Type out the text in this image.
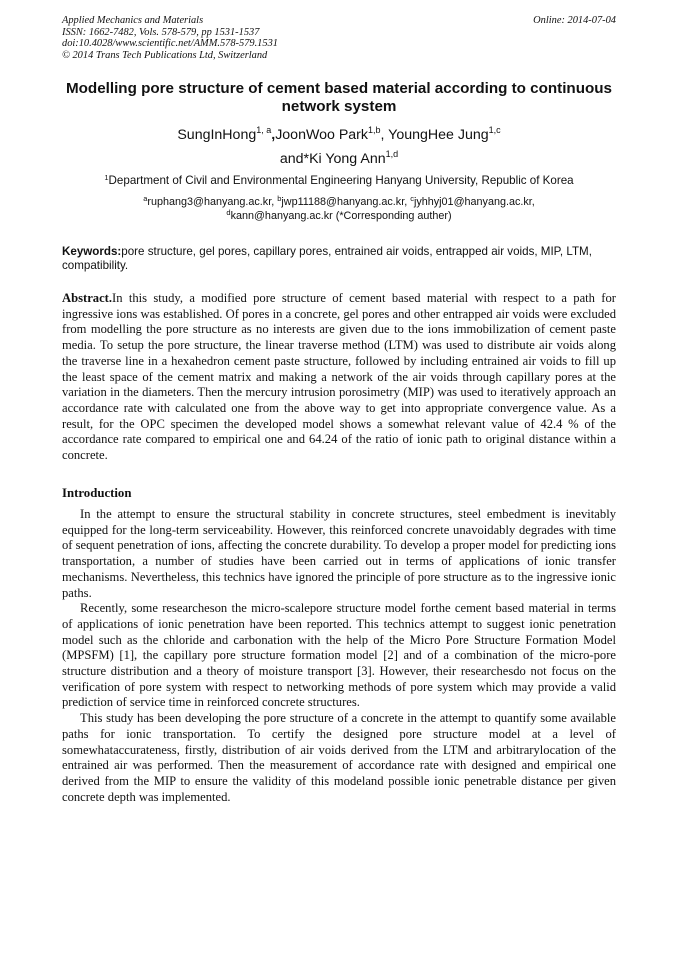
Applied Mechanics and Materials
ISSN: 1662-7482, Vols. 578-579, pp 1531-1537
doi:10.4028/www.scientific.net/AMM.578-579.1531
© 2014 Trans Tech Publications Ltd, Switzerland
Online: 2014-07-04
Modelling pore structure of cement based material according to continuous network system
SungInHong$^{1, a}$,JoonWoo Park$^{1,b}$, YoungHee Jung$^{1,c}$
and*Ki Yong Ann$^{1,d}$
$^1$Department of Civil and Environmental Engineering Hanyang University, Republic of Korea
$^a$ruphang3@hanyang.ac.kr, $^b$jwp11188@hanyang.ac.kr, $^c$jyhhyj01@hanyang.ac.kr,
$^d$kann@hanyang.ac.kr (*Corresponding auther)
Keywords:pore structure, gel pores, capillary pores, entrained air voids, entrapped air voids, MIP, LTM, compatibility.
Abstract.In this study, a modified pore structure of cement based material with respect to a path for ingressive ions was established. Of pores in a concrete, gel pores and other entrapped air voids were excluded from modelling the pore structure as no interests are given due to the ions immobilization of cement paste media. To setup the pore structure, the linear traverse method (LTM) was used to distribute air voids along the traverse line in a hexahedron cement paste structure, followed by including entrained air voids to fill up the least space of the cement matrix and making a network of the air voids through capillary pores at the variation in the diameters. Then the mercury intrusion porosimetry (MIP) was used to iteratively approach an accordance rate with calculated one from the above way to get into appropriate convergence value. As a result, for the OPC specimen the developed model shows a somewhat relevant value of 42.4 % of the accordance rate compared to empirical one and 64.24 of the ratio of ionic path to original distance within a concrete.
Introduction

In the attempt to ensure the structural stability in concrete structures, steel embedment is inevitably equipped for the long-term serviceability. However, this reinforced concrete unavoidably degrades with time of sequent penetration of ions, affecting the concrete durability. To develop a proper model for predicting ions transportation, a number of studies have been carried out in terms of applications of ionic transfer mechanisms. Nevertheless, this technics have ignored the principle of pore structure as to the ingressive ionic paths.

Recently, some researcheson the micro-scalepore structure model forthe cement based material in terms of applications of ionic penetration have been reported. This technics attempt to suggest ionic penetration model such as the chloride and carbonation with the help of the Micro Pore Structure Formation Model (MPSFM) [1], the capillary pore structure formation model [2] and of a combination of the micro-pore structure distribution and a theory of moisture transport [3]. However, their researchesdo not focus on the verification of pore system with respect to networking methods of pore system which may provide a valid prediction of service time in reinforced concrete structures.

This study has been developing the pore structure of a concrete in the attempt to quantify some available paths for ionic transportation. To certify the designed pore structure model at a level of somewhataccurateness, firstly, distribution of air voids derived from the LTM and arbitrarylocation of the entrained air was performed. Then the measurement of accordance rate with designed and empirical one derived from the MIP to ensure the validity of this modeland possible ionic penetrable distance per given concrete depth was implemented.
